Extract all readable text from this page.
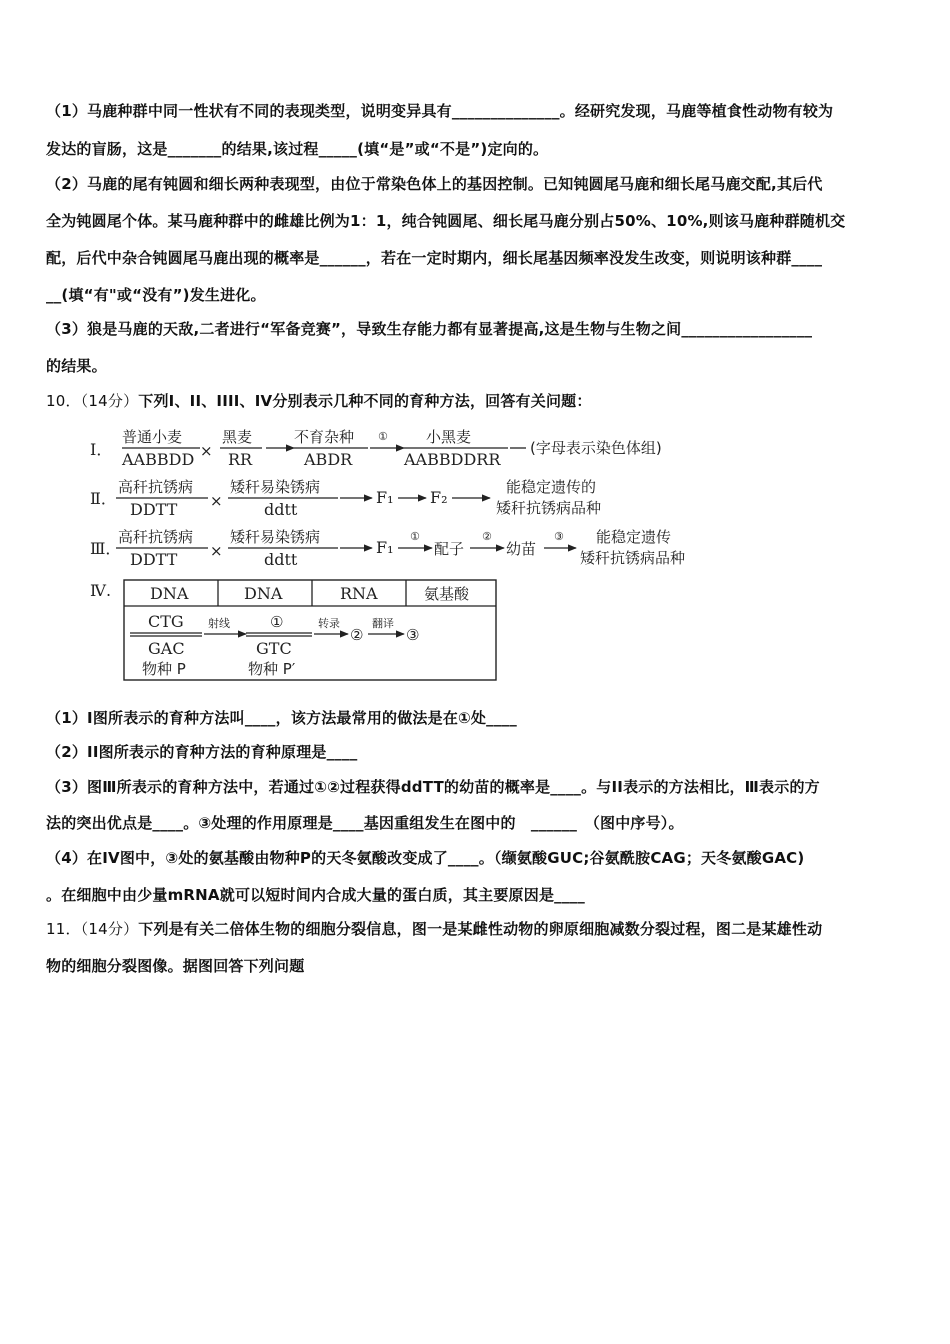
（1）马鹿种群中同一性状有不同的表现类型，说明变异具有______________。经研究发现，马鹿等植食性动物有较为
发达的盲肠，这是_______的结果,该过程_____(填“是”或“不是”)定向的。
（2）马鹿的尾有钝圆和细长两种表现型，由位于常染色体上的基因控制。已知钝圆尾马鹿和细长尾马鹿交配,其后代
全为钝圆尾个体。某马鹿种群中的雌雄比例为1：1，纯合钝圆尾、细长尾马鹿分别占50%、10%,则该马鹿种群随机交
配，后代中杂合钝圆尾马鹿出现的概率是______，若在一定时期内，细长尾基因频率没发生改变，则说明该种群____
__(填“有"或“没有”)发生进化。
（3）狼是马鹿的天敌,二者进行“军备竞赛”，导致生存能力都有显著提高,这是生物与生物之间_________________
的结果。
10．（14分）下列I、II、IIII、IV分别表示几种不同的育种方法，回答有关问题：
I．
普通小麦
AABBDD ×
黑麦
RR
不育杂种
ABDR
①	小黑麦
AABBDDRR
(字母表示染色体组)
Ⅱ．
高秆抗锈病
DDTT ×
矮秆易染锈病
ddtt
F₁ F₂
能稳定遗传的
矮秆抗锈病品种
Ⅲ．
高秆抗锈病
DDTT ×
矮秆易染锈病
ddtt
F₁
①
配子
②
幼苗
③ 能稳定遗传
矮秆抗锈病品种
Ⅳ. DNA	DNA	RNA	氨基酸
CTG 射线	①	转录
②
翻译
③
GAC
物种 P
GTC
物种 P′
（1）I图所表示的育种方法叫____，该方法最常用的做法是在①处____
（2）II图所表示的育种方法的育种原理是____
（3）图Ⅲ所表示的育种方法中，若通过①②过程获得ddTT的幼苗的概率是____。与II表示的方法相比，Ⅲ表示的方
法的突出优点是____。③处理的作用原理是____基因重组发生在图中的　______　（图中序号）。
（4）在IV图中，③处的氨基酸由物种P的天冬氨酸改变成了____。（缬氨酸GUC;谷氨酰胺CAG；天冬氨酸GAC)
。在细胞中由少量mRNA就可以短时间内合成大量的蛋白质，其主要原因是____
11．（14分）下列是有关二倍体生物的细胞分裂信息，图一是某雌性动物的卵原细胞减数分裂过程，图二是某雄性动
物的细胞分裂图像。据图回答下列问题
